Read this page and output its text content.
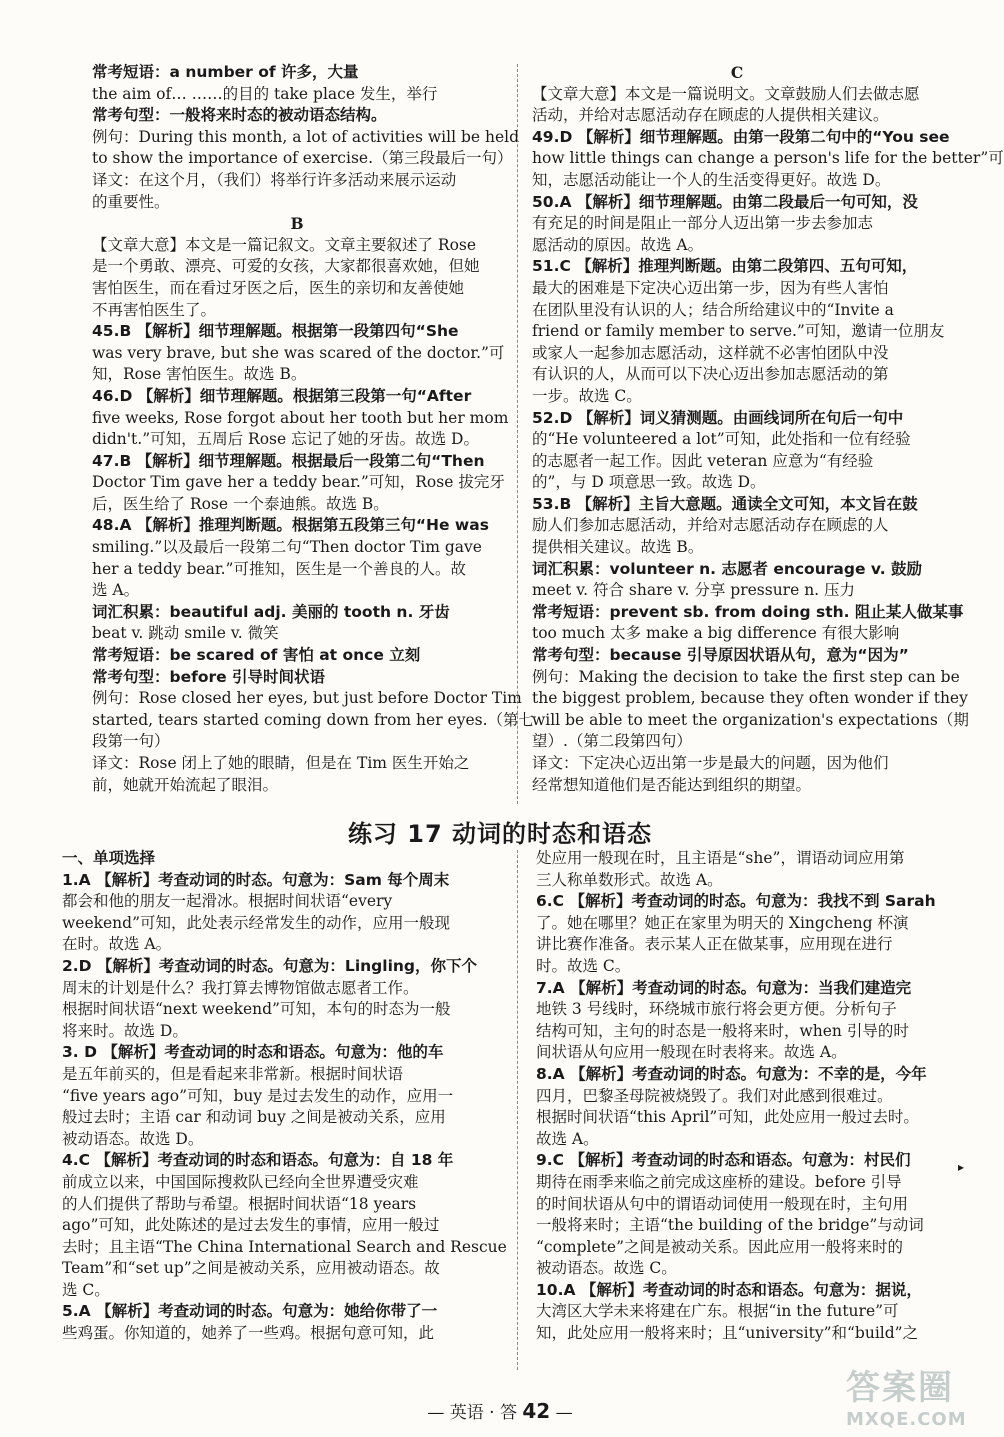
常考短语：a number of 许多，大量
the aim of… ……的目的 take place 发生，举行
常考句型：一般将来时态的被动语态结构。
例句：During this month, a lot of activities will be held
to show the importance of exercise.（第三段最后一句）
译文：在这个月，（我们）将举行许多活动来展示运动
的重要性。
B
【文章大意】本文是一篇记叙文。文章主要叙述了 Rose
是一个勇敢、漂亮、可爱的女孩，大家都很喜欢她，但她
害怕医生，而在看过牙医之后，医生的亲切和友善使她
不再害怕医生了。
45.B 【解析】细节理解题。根据第一段第四句“She
was very brave, but she was scared of the doctor.”可
知，Rose 害怕医生。故选 B。
46.D 【解析】细节理解题。根据第三段第一句“After
five weeks, Rose forgot about her tooth but her mom
didn't.”可知，五周后 Rose 忘记了她的牙齿。故选 D。
47.B 【解析】细节理解题。根据最后一段第二句“Then
Doctor Tim gave her a teddy bear.”可知，Rose 拔完牙
后，医生给了 Rose 一个泰迪熊。故选 B。
48.A 【解析】推理判断题。根据第五段第三句“He was
smiling.”以及最后一段第二句“Then doctor Tim gave
her a teddy bear.”可推知，医生是一个善良的人。故
选 A。
词汇积累：beautiful adj. 美丽的 tooth n. 牙齿
beat v. 跳动 smile v. 微笑
常考短语：be scared of 害怕 at once 立刻
常考句型：before 引导时间状语
例句：Rose closed her eyes, but just before Doctor Tim
started, tears started coming down from her eyes.（第七
段第一句）
译文：Rose 闭上了她的眼睛，但是在 Tim 医生开始之
前，她就开始流起了眼泪。
C
【文章大意】本文是一篇说明文。文章鼓励人们去做志愿
活动，并给对志愿活动存在顾虑的人提供相关建议。
49.D 【解析】细节理解题。由第一段第二句中的“You see
how little things can change a person's life for the better”可
知，志愿活动能让一个人的生活变得更好。故选 D。
50.A 【解析】细节理解题。由第二段最后一句可知，没
有充足的时间是阻止一部分人迈出第一步去参加志
愿活动的原因。故选 A。
51.C 【解析】推理判断题。由第二段第四、五句可知，
最大的困难是下定决心迈出第一步，因为有些人害怕
在团队里没有认识的人；结合所给建议中的“Invite a
friend or family member to serve.”可知，邀请一位朋友
或家人一起参加志愿活动，这样就不必害怕团队中没
有认识的人，从而可以下决心迈出参加志愿活动的第
一步。故选 C。
52.D 【解析】词义猜测题。由画线词所在句后一句中
的“He volunteered a lot”可知，此处指和一位有经验
的志愿者一起工作。因此 veteran 应意为“有经验
的”，与 D 项意思一致。故选 D。
53.B 【解析】主旨大意题。通读全文可知，本文旨在鼓
励人们参加志愿活动，并给对志愿活动存在顾虑的人
提供相关建议。故选 B。
词汇积累：volunteer n. 志愿者 encourage v. 鼓励
meet v. 符合 share v. 分享 pressure n. 压力
常考短语：prevent sb. from doing sth. 阻止某人做某事
too much 太多 make a big difference 有很大影响
常考句型：because 引导原因状语从句，意为“因为”
例句：Making the decision to take the first step can be
the biggest problem, because they often wonder if they
will be able to meet the organization's expectations（期
望）.（第二段第四句）
译文：下定决心迈出第一步是最大的问题，因为他们
经常想知道他们是否能达到组织的期望。
练习 17 动词的时态和语态
一、单项选择
1.A 【解析】考查动词的时态。句意为：Sam 每个周末
都会和他的朋友一起滑冰。根据时间状语“every
weekend”可知，此处表示经常发生的动作，应用一般现
在时。故选 A。
2.D 【解析】考查动词的时态。句意为：Lingling，你下个
周末的计划是什么？我打算去博物馆做志愿者工作。
根据时间状语“next weekend”可知，本句的时态为一般
将来时。故选 D。
3. D 【解析】考查动词的时态和语态。句意为：他的车
是五年前买的，但是看起来非常新。根据时间状语
“five years ago”可知，buy 是过去发生的动作，应用一
般过去时；主语 car 和动词 buy 之间是被动关系，应用
被动语态。故选 D。
4.C 【解析】考查动词的时态和语态。句意为：自 18 年
前成立以来，中国国际搜救队已经向全世界遭受灾难
的人们提供了帮助与希望。根据时间状语“18 years
ago”可知，此处陈述的是过去发生的事情，应用一般过
去时；且主语“The China International Search and Rescue
Team”和“set up”之间是被动关系，应用被动语态。故
选 C。
5.A 【解析】考查动词的时态。句意为：她给你带了一
些鸡蛋。你知道的，她养了一些鸡。根据句意可知，此
处应用一般现在时，且主语是“she”，谓语动词应用第
三人称单数形式。故选 A。
6.C 【解析】考查动词的时态。句意为：我找不到 Sarah
了。她在哪里？她正在家里为明天的 Xingcheng 杯演
讲比赛作准备。表示某人正在做某事，应用现在进行
时。故选 C。
7.A 【解析】考查动词的时态。句意为：当我们建造完
地铁 3 号线时，环绕城市旅行将会更方便。分析句子
结构可知，主句的时态是一般将来时，when 引导的时
间状语从句应用一般现在时表将来。故选 A。
8.A 【解析】考查动词的时态。句意为：不幸的是，今年
四月，巴黎圣母院被烧毁了。我们对此感到很难过。
根据时间状语“this April”可知，此处应用一般过去时。
故选 A。
9.C 【解析】考查动词的时态和语态。句意为：村民们
期待在雨季来临之前完成这座桥的建设。before 引导
的时间状语从句中的谓语动词使用一般现在时，主句用
一般将来时；主语“the building of the bridge”与动词
“complete”之间是被动关系。因此应用一般将来时的
被动语态。故选 C。
10.A 【解析】考查动词的时态和语态。句意为：据说，
大湾区大学未来将建在广东。根据“in the future”可
知，此处应用一般将来时；且“university”和“build”之
▸
— 英语 · 答 42 —
答案圈
MXQE.COM
